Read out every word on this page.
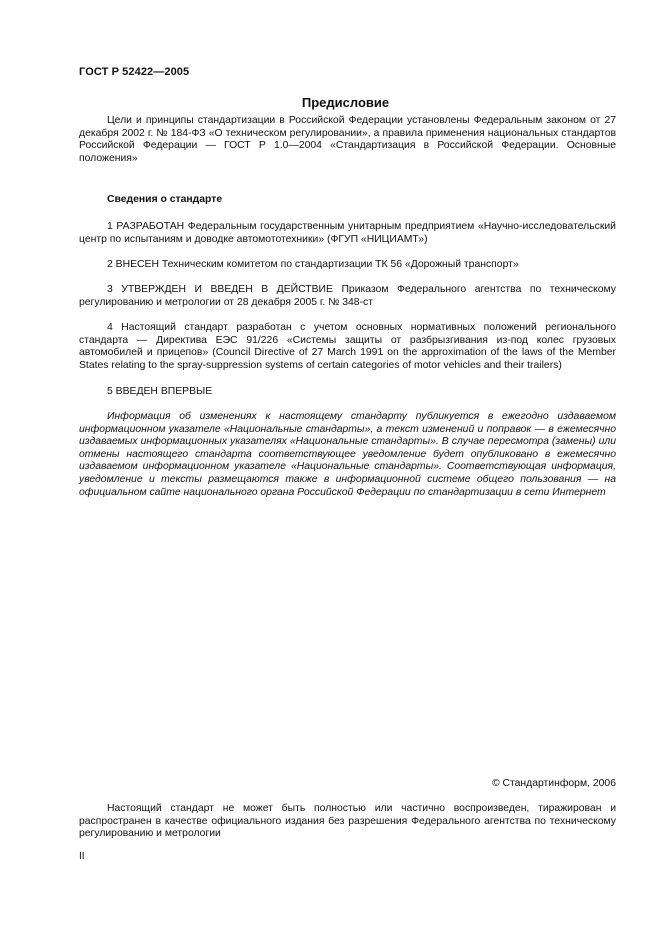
ГОСТ Р 52422—2005
Предисловие

Цели и принципы стандартизации в Российской Федерации установлены Федеральным законом от 27 декабря 2002 г. № 184-ФЗ «О техническом регулировании», а правила применения национальных стандартов Российской Федерации — ГОСТ Р 1.0—2004 «Стандартизация в Российской Федерации. Основные положения»

Сведения о стандарте

1 РАЗРАБОТАН Федеральным государственным унитарным предприятием «Научно-исследовательский центр по испытаниям и доводке автомототехники» (ФГУП «НИЦИАМТ»)

2 ВНЕСЕН Техническим комитетом по стандартизации ТК 56 «Дорожный транспорт»

3 УТВЕРЖДЕН И ВВЕДЕН В ДЕЙСТВИЕ Приказом Федерального агентства по техническому регулированию и метрологии от 28 декабря 2005 г. № 348-ст

4 Настоящий стандарт разработан с учетом основных нормативных положений регионального стандарта — Директива ЕЭС 91/226 «Системы защиты от разбрызгивания из-под колес грузовых автомобилей и прицепов» (Council Directive of 27 March 1991 on the approximation of the laws of the Member States relating to the spray-suppression systems of certain categories of motor vehicles and their trailers)

5 ВВЕДЕН ВПЕРВЫЕ

Информация об изменениях к настоящему стандарту публикуется в ежегодно издаваемом информационном указателе «Национальные стандарты», а текст изменений и поправок — в ежемесячно издаваемых информационных указателях «Национальные стандарты». В случае пересмотра (замены) или отмены настоящего стандарта соответствующее уведомление будет опубликовано в ежемесячно издаваемом информационном указателе «Национальные стандарты». Соответствующая информация, уведомление и тексты размещаются также в информационной системе общего пользования — на официальном сайте национального органа Российской Федерации по стандартизации в сети Интернет

© Стандартинформ, 2006

Настоящий стандарт не может быть полностью или частично воспроизведен, тиражирован и распространен в качестве официального издания без разрешения Федерального агентства по техническому регулированию и метрологии

II
